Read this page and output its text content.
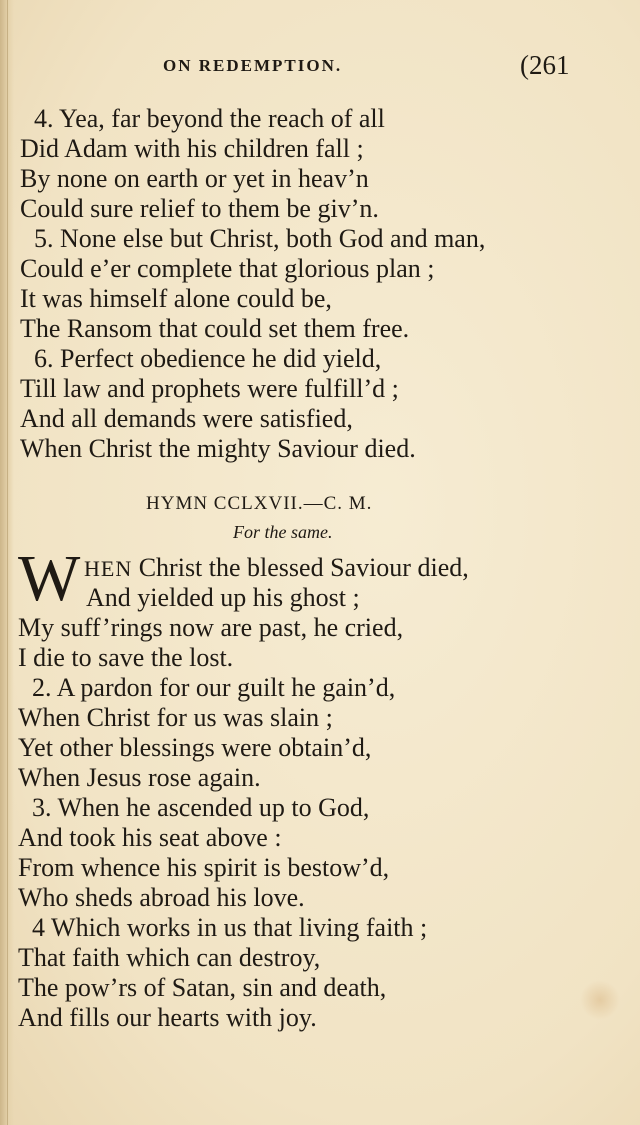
ON REDEMPTION.	(261
4. Yea, far beyond the reach of all
Did Adam with his children fall ;
By none on earth or yet in heav’n
Could sure relief to them be giv’n.
5. None else but Christ, both God and man,
Could e’er complete that glorious plan ;
It was himself alone could be,
The Ransom that could set them free.
6. Perfect obedience he did yield,
Till law and prophets were fulfill’d ;
And all demands were satisfied,
When Christ the mighty Saviour died.
HYMN CCLXVII.—C. M.
For the same.
W HEN Christ the blessed Saviour died,
And yielded up his ghost ;
My suff’rings now are past, he cried,
I die to save the lost.
2. A pardon for our guilt he gain’d,
When Christ for us was slain ;
Yet other blessings were obtain’d,
When Jesus rose again.
3. When he ascended up to God,
And took his seat above :
From whence his spirit is bestow’d,
Who sheds abroad his love.
4 Which works in us that living faith ;
That faith which can destroy,
The pow’rs of Satan, sin and death,
And fills our hearts with joy.
